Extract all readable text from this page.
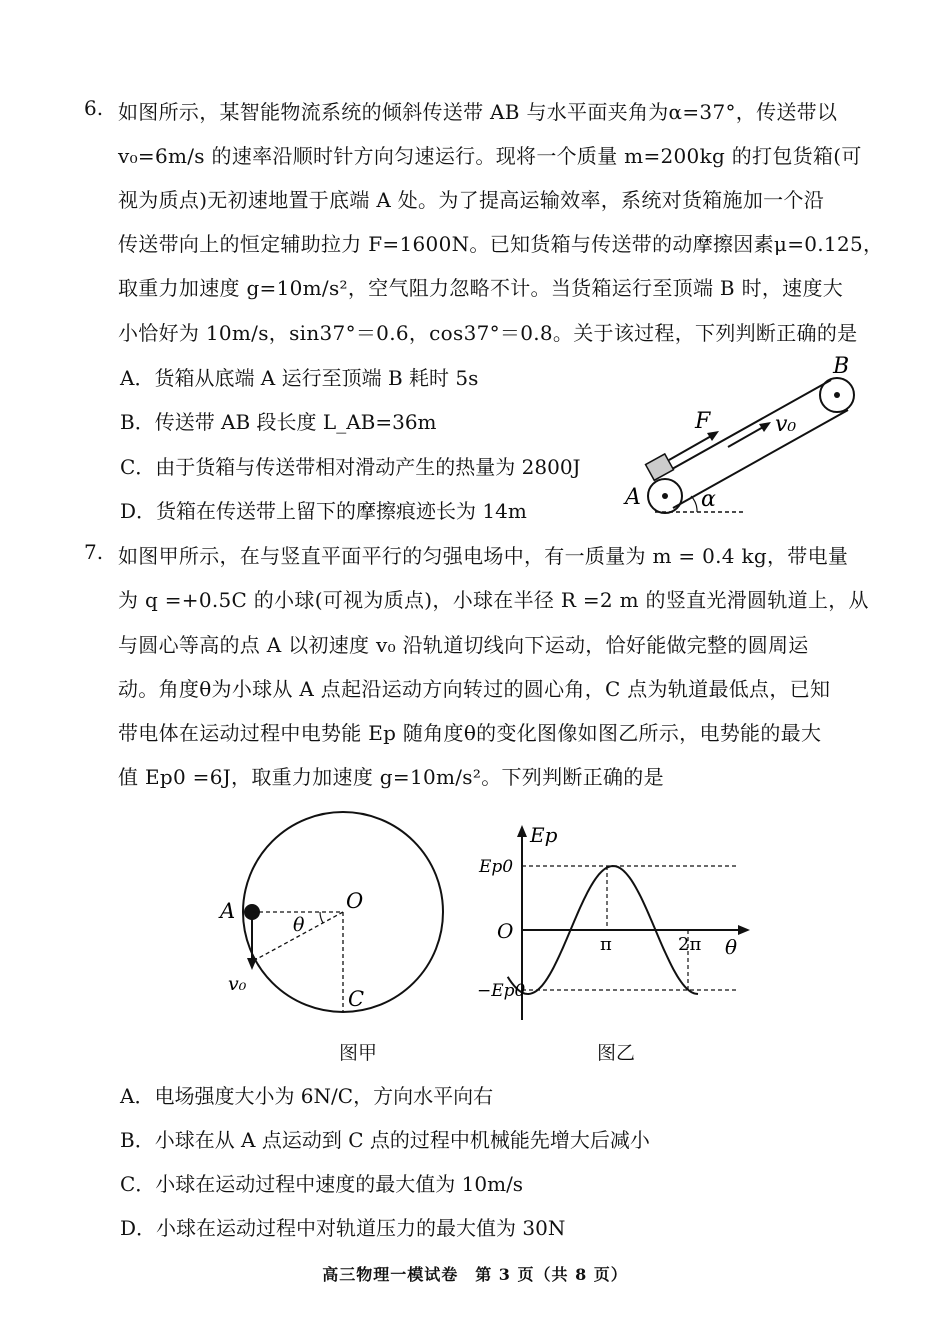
6. 如图所示，某智能物流系统的倾斜传送带 AB 与水平面夹角为α=37°，传送带以
v₀=6m/s 的速率沿顺时针方向匀速运行。现将一个质量 m=200kg 的打包货箱(可
视为质点)无初速地置于底端 A 处。为了提高运输效率，系统对货箱施加一个沿
传送带向上的恒定辅助拉力 F=1600N。已知货箱与传送带的动摩擦因素μ=0.125，
取重力加速度 g=10m/s²，空气阻力忽略不计。当货箱运行至顶端 B 时，速度大
小恰好为 10m/s，sin37°＝0.6，cos37°＝0.8。关于该过程，下列判断正确的是
A．货箱从底端 A 运行至顶端 B 耗时 5s
B．传送带 AB 段长度 L_AB=36m
C．由于货箱与传送带相对滑动产生的热量为 2800J
D．货箱在传送带上留下的摩擦痕迹长为 14m
B
A
F	v₀
α
7. 如图甲所示，在与竖直平面平行的匀强电场中，有一质量为 m = 0.4 kg，带电量
为 q =+0.5C 的小球(可视为质点)，小球在半径 R =2 m 的竖直光滑圆轨道上，从
与圆心等高的点 A 以初速度 v₀ 沿轨道切线向下运动，恰好能做完整的圆周运
动。角度θ为小球从 A 点起沿运动方向转过的圆心角，C 点为轨道最低点，已知
带电体在运动过程中电势能 Ep 随角度θ的变化图像如图乙所示，电势能的最大
值 Ep0 =6J，取重力加速度 g=10m/s²。下列判断正确的是
A	O
θ
v₀
C
图甲
Ep
Ep0
−Ep0
O
π	2π θ
图乙
A．电场强度大小为 6N/C，方向水平向右
B．小球在从 A 点运动到 C 点的过程中机械能先增大后减小
C．小球在运动过程中速度的最大值为 10m/s
D．小球在运动过程中对轨道压力的最大值为 30N
高三物理一模试卷　第 3 页（共 8 页）
